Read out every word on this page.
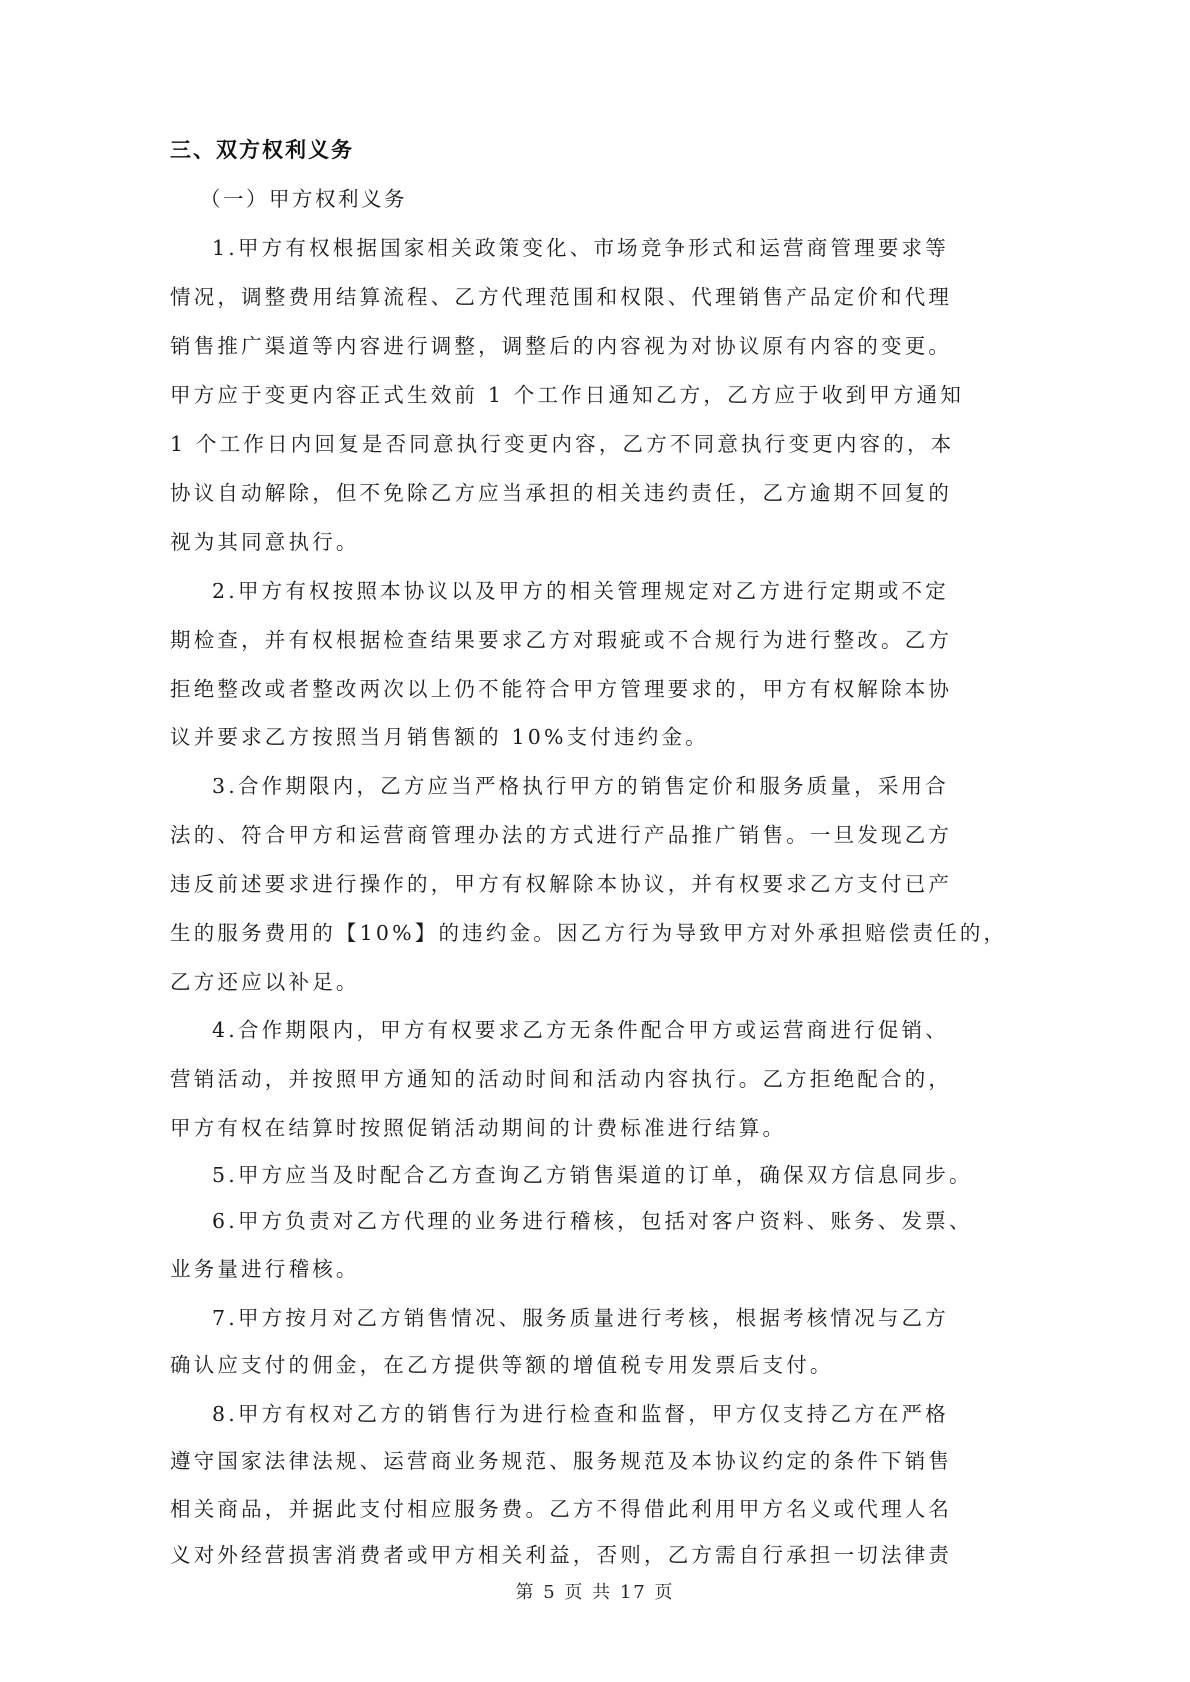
三、双方权利义务
（一）甲方权利义务
1.甲方有权根据国家相关政策变化、市场竞争形式和运营商管理要求等
情况，调整费用结算流程、乙方代理范围和权限、代理销售产品定价和代理
销售推广渠道等内容进行调整，调整后的内容视为对协议原有内容的变更。
甲方应于变更内容正式生效前 1 个工作日通知乙方，乙方应于收到甲方通知
1 个工作日内回复是否同意执行变更内容，乙方不同意执行变更内容的，本
协议自动解除，但不免除乙方应当承担的相关违约责任，乙方逾期不回复的
视为其同意执行。
2.甲方有权按照本协议以及甲方的相关管理规定对乙方进行定期或不定
期检查，并有权根据检查结果要求乙方对瑕疵或不合规行为进行整改。乙方
拒绝整改或者整改两次以上仍不能符合甲方管理要求的，甲方有权解除本协
议并要求乙方按照当月销售额的 10%支付违约金。
3.合作期限内，乙方应当严格执行甲方的销售定价和服务质量，采用合
法的、符合甲方和运营商管理办法的方式进行产品推广销售。一旦发现乙方
违反前述要求进行操作的，甲方有权解除本协议，并有权要求乙方支付已产
生的服务费用的【10%】的违约金。因乙方行为导致甲方对外承担赔偿责任的，
乙方还应以补足。
4.合作期限内，甲方有权要求乙方无条件配合甲方或运营商进行促销、
营销活动，并按照甲方通知的活动时间和活动内容执行。乙方拒绝配合的，
甲方有权在结算时按照促销活动期间的计费标准进行结算。
5.甲方应当及时配合乙方查询乙方销售渠道的订单，确保双方信息同步。
6.甲方负责对乙方代理的业务进行稽核，包括对客户资料、账务、发票、
业务量进行稽核。
7.甲方按月对乙方销售情况、服务质量进行考核，根据考核情况与乙方
确认应支付的佣金，在乙方提供等额的增值税专用发票后支付。
8.甲方有权对乙方的销售行为进行检查和监督，甲方仅支持乙方在严格
遵守国家法律法规、运营商业务规范、服务规范及本协议约定的条件下销售
相关商品，并据此支付相应服务费。乙方不得借此利用甲方名义或代理人名
义对外经营损害消费者或甲方相关利益，否则，乙方需自行承担一切法律责
第 5 页 共 17 页
